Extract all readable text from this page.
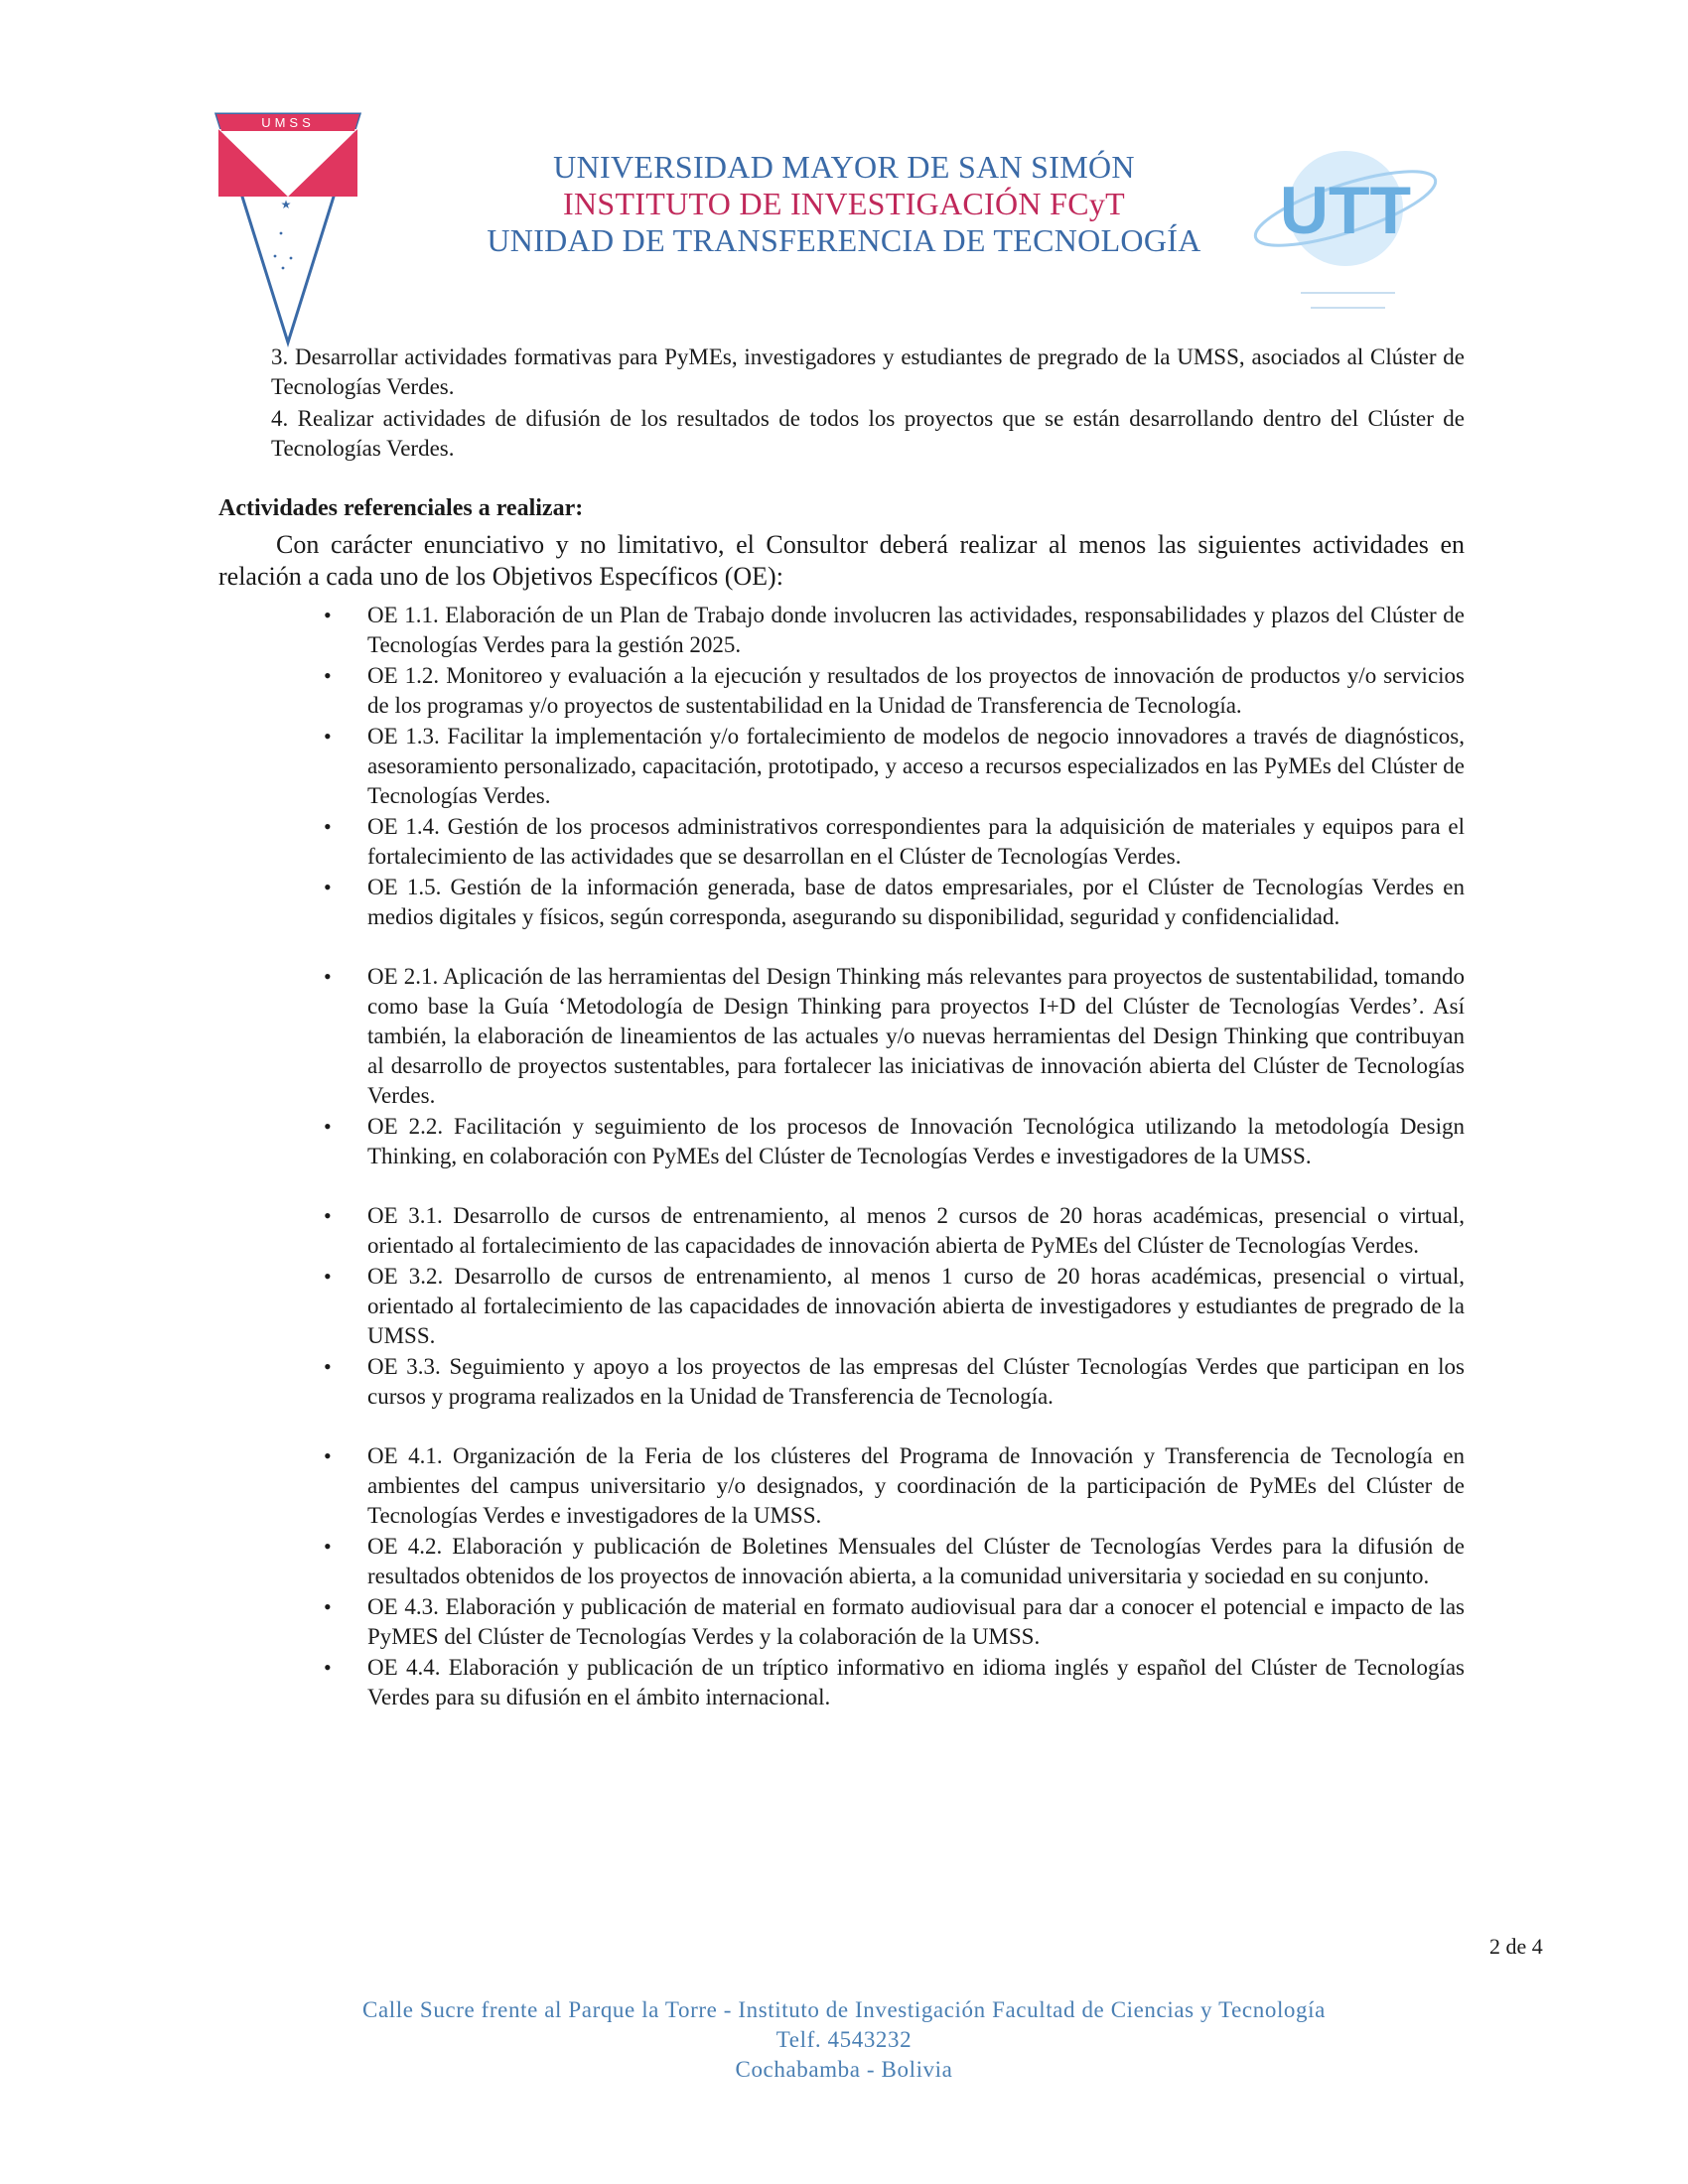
UMSS
★
UNIVERSIDAD MAYOR DE SAN SIMÓN
INSTITUTO DE INVESTIGACIÓN FCyT
UNIDAD DE TRANSFERENCIA DE TECNOLOGÍA	UTT

3. Desarrollar actividades formativas para PyMEs, investigadores y estudiantes de pregrado de la UMSS, asociados al Clúster de Tecnologías Verdes.

4. Realizar actividades de difusión de los resultados de todos los proyectos que se están desarrollando dentro del Clúster de Tecnologías Verdes.

Actividades referenciales a realizar:

Con carácter enunciativo y no limitativo, el Consultor deberá realizar al menos las siguientes actividades en relación a cada uno de los Objetivos Específicos (OE):

• OE 1.1. Elaboración de un Plan de Trabajo donde involucren las actividades, responsabilidades y plazos del Clúster de Tecnologías Verdes para la gestión 2025.
• OE 1.2. Monitoreo y evaluación a la ejecución y resultados de los proyectos de innovación de productos y/o servicios de los programas y/o proyectos de sustentabilidad en la Unidad de Transferencia de Tecnología.
• OE 1.3. Facilitar la implementación y/o fortalecimiento de modelos de negocio innovadores a través de diagnósticos, asesoramiento personalizado, capacitación, prototipado, y acceso a recursos especializados en las PyMEs del Clúster de Tecnologías Verdes.
• OE 1.4. Gestión de los procesos administrativos correspondientes para la adquisición de materiales y equipos para el fortalecimiento de las actividades que se desarrollan en el Clúster de Tecnologías Verdes.
• OE 1.5. Gestión de la información generada, base de datos empresariales, por el Clúster de Tecnologías Verdes en medios digitales y físicos, según corresponda, asegurando su disponibilidad, seguridad y confidencialidad.
• OE 2.1. Aplicación de las herramientas del Design Thinking más relevantes para proyectos de sustentabilidad, tomando como base la Guía ‘Metodología de Design Thinking para proyectos I+D del Clúster de Tecnologías Verdes’. Así también, la elaboración de lineamientos de las actuales y/o nuevas herramientas del Design Thinking que contribuyan al desarrollo de proyectos sustentables, para fortalecer las iniciativas de innovación abierta del Clúster de Tecnologías Verdes.
• OE 2.2. Facilitación y seguimiento de los procesos de Innovación Tecnológica utilizando la metodología Design Thinking, en colaboración con PyMEs del Clúster de Tecnologías Verdes e investigadores de la UMSS.
• OE 3.1. Desarrollo de cursos de entrenamiento, al menos 2 cursos de 20 horas académicas, presencial o virtual, orientado al fortalecimiento de las capacidades de innovación abierta de PyMEs del Clúster de Tecnologías Verdes.
• OE 3.2. Desarrollo de cursos de entrenamiento, al menos 1 curso de 20 horas académicas, presencial o virtual, orientado al fortalecimiento de las capacidades de innovación abierta de investigadores y estudiantes de pregrado de la UMSS.
• OE 3.3. Seguimiento y apoyo a los proyectos de las empresas del Clúster Tecnologías Verdes que participan en los cursos y programa realizados en la Unidad de Transferencia de Tecnología.
• OE 4.1. Organización de la Feria de los clústeres del Programa de Innovación y Transferencia de Tecnología en ambientes del campus universitario y/o designados, y coordinación de la participación de PyMEs del Clúster de Tecnologías Verdes e investigadores de la UMSS.
• OE 4.2. Elaboración y publicación de Boletines Mensuales del Clúster de Tecnologías Verdes para la difusión de resultados obtenidos de los proyectos de innovación abierta, a la comunidad universitaria y sociedad en su conjunto.
• OE 4.3. Elaboración y publicación de material en formato audiovisual para dar a conocer el potencial e impacto de las PyMES del Clúster de Tecnologías Verdes y la colaboración de la UMSS.
• OE 4.4. Elaboración y publicación de un tríptico informativo en idioma inglés y español del Clúster de Tecnologías Verdes para su difusión en el ámbito internacional.
2 de 4
Calle Sucre frente al Parque la Torre - Instituto de Investigación Facultad de Ciencias y Tecnología
Telf. 4543232
Cochabamba - Bolivia
